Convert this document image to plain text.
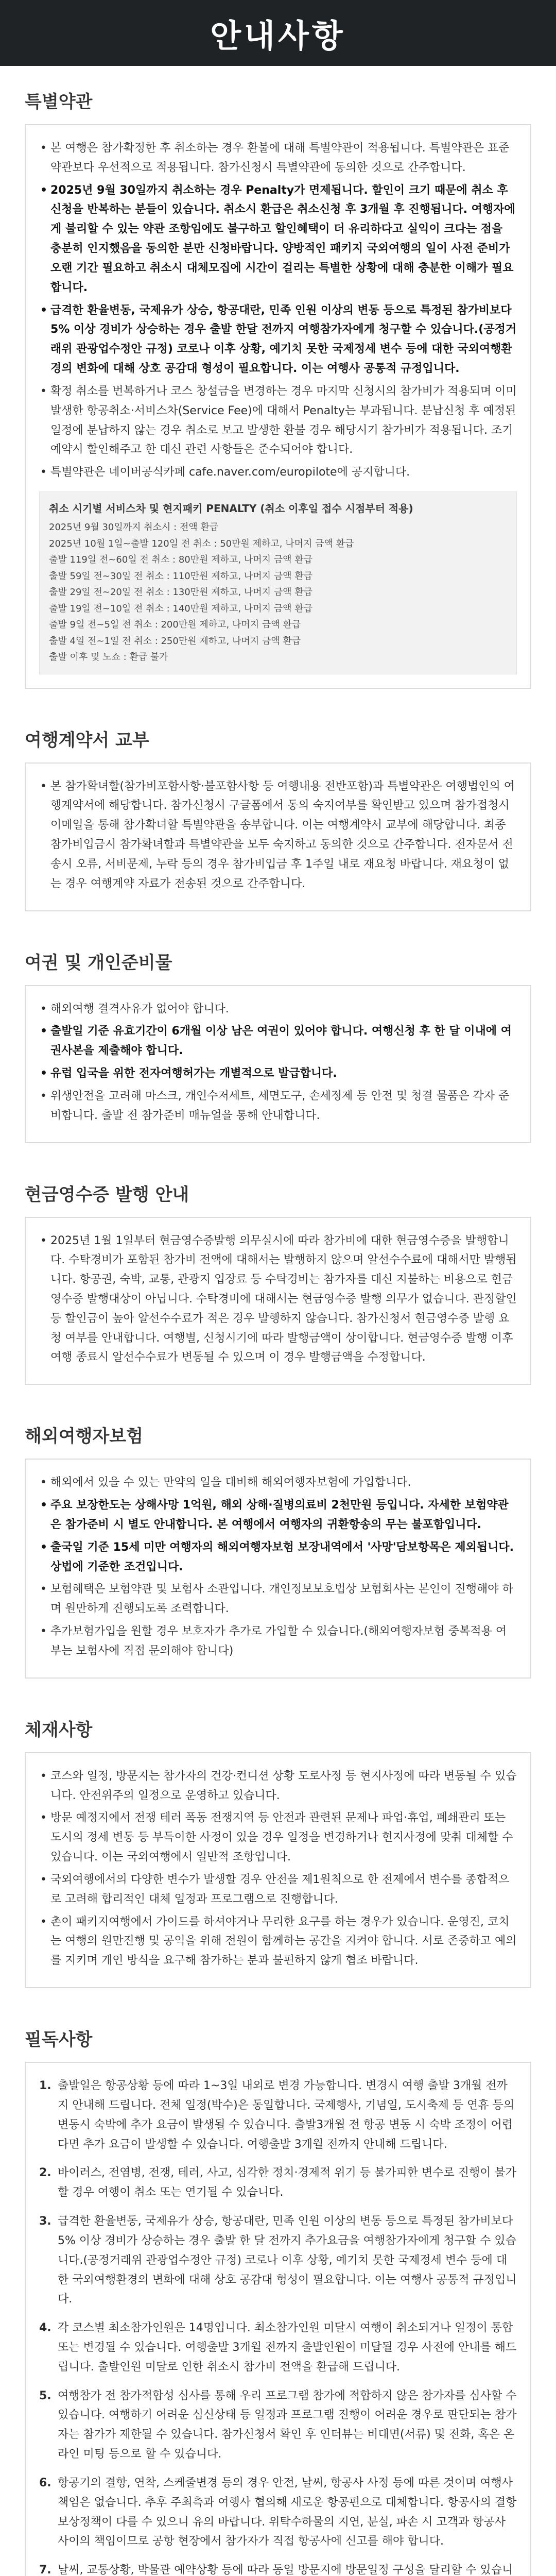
안내사항
특별약관
• 본 여행은 참가확정한 후 취소하는 경우 환불에 대해 특별약관이 적용됩니다. 특별약관은 표준약관보다 우선적으로 적용됩니다. 참가신청시 특별약관에 동의한 것으로 간주합니다.
• 2025년 9월 30일까지 취소하는 경우 Penalty가 면제됩니다. 할인이 크기 때문에 취소 후 신청을 반복하는 분들이 있습니다. 취소시 환급은 취소신청 후 3개월 후 진행됩니다. 여행자에게 불리할 수 있는 약관 조항임에도 불구하고 할인혜택이 더 유리하다고 실익이 크다는 점을 충분히 인지했음을 동의한 분만 신청바랍니다. 양방적인 패키지 국외여행의 일이 사전 준비가 오랜 기간 필요하고 취소시 대체모집에 시간이 걸리는 특별한 상황에 대해 충분한 이해가 필요합니다.
• 급격한 환율변동, 국제유가 상승, 항공대란, 민족 인원 이상의 변동 등으로 특정된 참가비보다 5% 이상 경비가 상승하는 경우 출발 한달 전까지 여행참가자에게 청구할 수 있습니다.(공정거래위 관광업수정안 규정) 코로나 이후 상황, 예기치 못한 국제정세 변수 등에 대한 국외여행환경의 변화에 대해 상호 공감대 형성이 필요합니다. 이는 여행사 공통적 규정입니다.
• 확정 취소를 번복하거나 코스 창설금을 변경하는 경우 마지막 신청시의 참가비가 적용되며 이미 발생한 항공취소·서비스차(Service Fee)에 대해서 Penalty는 부과됩니다. 분납신청 후 예정된 일정에 분납하지 않는 경우 취소로 보고 발생한 환불 경우 해당시기 참가비가 적용됩니다. 조기예약시 할인해주고 한 대신 관련 사항들은 준수되어야 합니다.
• 특별약관은 네이버공식카페 cafe.naver.com/europilote에 공지합니다.
취소 시기별 서비스차 및 현지패키 PENALTY (취소 이후일 접수 시점부터 적용)
2025년 9월 30일까지 취소시 : 전액 환급
2025년 10월 1일~출발 120일 전 취소 : 50만원 제하고, 나머지 금액 환급
출발 119일 전~60일 전 취소 : 80만원 제하고, 나머지 금액 환급
출발 59일 전~30일 전 취소 : 110만원 제하고, 나머지 금액 환급
출발 29일 전~20일 전 취소 : 130만원 제하고, 나머지 금액 환급
출발 19일 전~10일 전 취소 : 140만원 제하고, 나머지 금액 환급
출발 9일 전~5일 전 취소 : 200만원 제하고, 나머지 금액 환급
출발 4일 전~1일 전 취소 : 250만원 제하고, 나머지 금액 환급
출발 이후 및 노쇼 : 환급 불가
여행계약서 교부
• 본 참가확녀할(참가비포함사항·불포함사항 등 여행내용 전반포함)과 특별약관은 여행법인의 여행계약서에 해당합니다. 참가신청시 구글폼에서 동의 숙지여부를 확인받고 있으며 참가접청시 이메일을 통해 참가확녀할 특별약관을 송부합니다. 이는 여행계약서 교부에 해당합니다. 최종 참가비입금시 참가확녀할과 특별약관을 모두 숙지하고 동의한 것으로 간주합니다. 전자문서 전송시 오류, 서비문제, 누락 등의 경우 참가비입금 후 1주일 내로 재요청 바랍니다. 재요청이 없는 경우 여행계약 자료가 전송된 것으로 간주합니다.
여권 및 개인준비물
• 해외여행 결격사유가 없어야 합니다.
• 출발일 기준 유효기간이 6개월 이상 남은 여권이 있어야 합니다. 여행신청 후 한 달 이내에 여권사본을 제출해야 합니다.
• 유럽 입국을 위한 전자여행허가는 개별적으로 발급합니다.
• 위생안전을 고려해 마스크, 개인수저세트, 세면도구, 손세정제 등 안전 및 청결 물품은 각자 준비합니다. 출발 전 참가준비 매뉴얼을 통해 안내합니다.
현금영수증 발행 안내
• 2025년 1월 1일부터 현금영수증발행 의무실시에 따라 참가비에 대한 현금영수증을 발행합니다. 수탁경비가 포함된 참가비 전액에 대해서는 발행하지 않으며 알선수수료에 대해서만 발행됩니다. 항공권, 숙박, 교통, 관광지 입장료 등 수탁경비는 참가자를 대신 지불하는 비용으로 현금영수증 발행대상이 아닙니다. 수탁경비에 대해서는 현금영수증 발행 의무가 없습니다. 관정할인 등 할인금이 높아 알선수수료가 적은 경우 발행하지 않습니다. 참가신청서 현금영수증 발행 요청 여부를 안내합니다. 여행별, 신청시기에 따라 발행금액이 상이합니다. 현금영수증 발행 이후 여행 종료시 알선수수료가 변동될 수 있으며 이 경우 발행금액을 수정합니다.
해외여행자보험
• 해외에서 있을 수 있는 만약의 일을 대비해 해외여행자보험에 가입합니다.
• 주요 보장한도는 상해사망 1억원, 해외 상해·질병의료비 2천만원 등입니다. 자세한 보험약관은 참가준비 시 별도 안내합니다. 본 여행에서 여행자의 귀환항송의 무는 불포함입니다.
• 출국일 기준 15세 미만 여행자의 해외여행자보험 보장내역에서 '사망'담보항목은 제외됩니다. 상법에 기준한 조건입니다.
• 보험혜택은 보험약관 및 보험사 소관입니다. 개인정보보호법상 보험회사는 본인이 진행해야 하며 원만하게 진행되도록 조력합니다.
• 추가보험가입을 원할 경우 보호자가 추가로 가입할 수 있습니다.(해외여행자보험 중복적용 여부는 보험사에 직접 문의해야 합니다)
체재사항
• 코스와 일정, 방문지는 참가자의 건강·컨디션 상황 도로사정 등 현지사정에 따라 변동될 수 있습니다. 안전위주의 일정으로 운영하고 있습니다.
• 방문 예정지에서 전쟁 테러 폭동 전쟁지역 등 안전과 관련된 문제나 파업·휴업, 폐쇄관리 또는 도시의 정세 변동 등 부득이한 사정이 있을 경우 일정을 변경하거나 현지사정에 맞춰 대체할 수 있습니다. 이는 국외여행에서 일반적 조항입니다.
• 국외여행에서의 다양한 변수가 발생할 경우 안전을 제1원칙으로 한 전제에서 변수를 종합적으로 고려해 합리적인 대체 일정과 프로그램으로 진행합니다.
• 촌이 패키지여행에서 가이드를 하셔야거나 무리한 요구를 하는 경우가 있습니다. 운영진, 코치는 여행의 원만진행 및 공익을 위해 전원이 함께하는 공간을 지켜야 합니다. 서로 존중하고 예의를 지키며 개인 방식을 요구해 참가하는 분과 불편하지 않게 협조 바랍니다.
필독사항
1. 출발일은 항공상황 등에 따라 1~3일 내외로 변경 가능합니다. 변경시 여행 출발 3개월 전까지 안내해 드립니다. 전체 일정(박수)은 동일합니다. 국제행사, 기념일, 도시축제 등 연휴 등의 변동시 숙박에 추가 요금이 발생될 수 있습니다. 출발3개월 전 항공 변동 시 숙박 조정이 어렵다면 추가 요금이 발생할 수 있습니다. 여행출발 3개월 전까지 안내해 드립니다.
2. 바이러스, 전염병, 전쟁, 테러, 사고, 심각한 정치·경제적 위기 등 불가피한 변수로 진행이 불가할 경우 여행이 취소 또는 연기될 수 있습니다.
3. 급격한 환율변동, 국제유가 상승, 항공대란, 민족 인원 이상의 변동 등으로 특정된 참가비보다 5% 이상 경비가 상승하는 경우 출발 한 달 전까지 추가요금을 여행참가자에게 청구할 수 있습니다.(공정거래위 관광업수정안 규정) 코로나 이후 상황, 예기치 못한 국제정세 변수 등에 대한 국외여행환경의 변화에 대해 상호 공감대 형성이 필요합니다. 이는 여행사 공통적 규정입니다.
4. 각 코스별 최소참가인원은 14명입니다. 최소참가인원 미달시 여행이 취소되거나 일정이 통합 또는 변경될 수 있습니다. 여행출발 3개월 전까지 출발인원이 미달될 경우 사전에 안내를 해드립니다. 출발인원 미달로 인한 취소시 참가비 전액을 환급해 드립니다.
5. 여행참가 전 참가적합성 심사를 통해 우리 프로그램 참가에 적합하지 않은 참가자를 심사할 수 있습니다. 여행하기 어려운 심신상태 등 일정과 프로그램 진행이 어려운 경우로 판단되는 참가자는 참가가 제한될 수 있습니다. 참가신청서 확인 후 인터뷰는 비대면(서류) 및 전화, 혹은 온라인 미팅 등으로 할 수 있습니다.
6. 항공기의 결항, 연착, 스케줄변경 등의 경우 안전, 날씨, 항공사 사정 등에 따른 것이며 여행사 책임은 없습니다. 추후 주최측과 여행사 협의해 새로운 항공편으로 대체합니다. 항공사의 결항 보상정책이 다를 수 있으니 유의 바랍니다. 위탁수하물의 지연, 분실, 파손 시 고객과 항공사 사이의 책임이므로 공항 현장에서 참가자가 직접 항공사에 신고를 해야 합니다.
7. 날씨, 교통상황, 박물관 예약상황 등에 따라 동일 방문지에 방문일정 구성을 달리할 수 있습니
